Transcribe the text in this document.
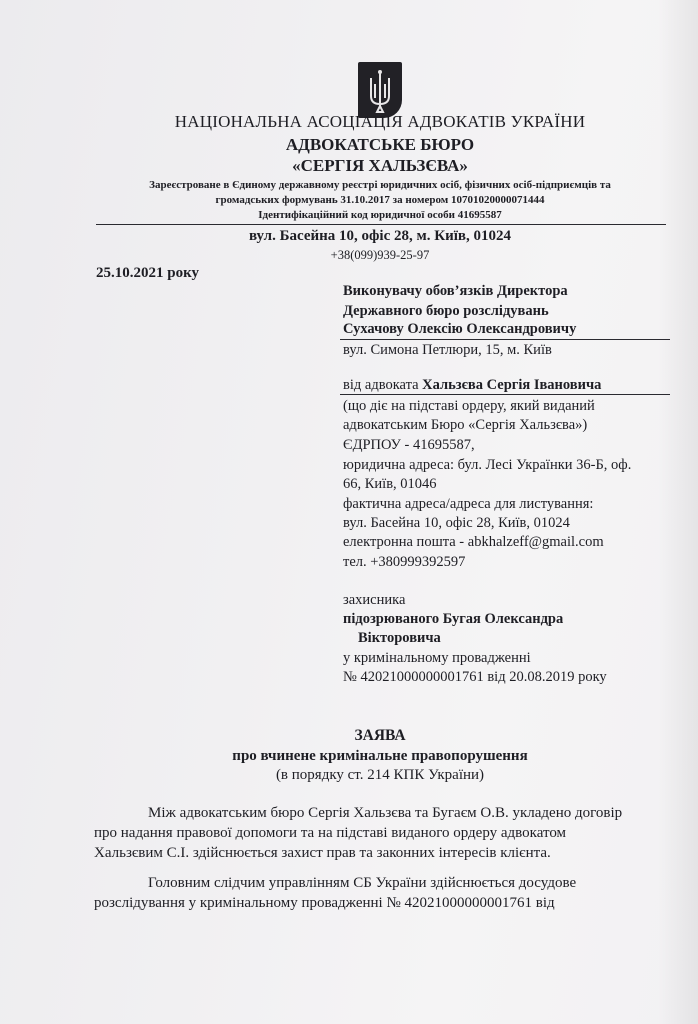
НАЦІОНАЛЬНА АСОЦІАЦІЯ АДВОКАТІВ УКРАЇНИ
АДВОКАТСЬКЕ БЮРО
«СЕРГІЯ ХАЛЬЗЄВА»
Зареєстроване в Єдиному державному реєстрі юридичних осіб, фізичних осіб-підприємців та
громадських формувань 31.10.2017 за номером 10701020000071444
Ідентифікаційний код юридичної особи 41695587
вул. Басейна 10, офіс 28, м. Київ, 01024
+38(099)939-25-97
25.10.2021 року
Виконувачу обов’язків Директора
Державного бюро розслідувань
Сухачову Олексію Олександровичу
вул. Симона Петлюри, 15, м. Київ
від адвоката Хальзєва Сергія Івановича
(що діє на підставі ордеру, який виданий
адвокатським Бюро «Сергія Хальзєва»)
ЄДРПОУ - 41695587,
юридична адреса: бул. Лесі Українки 36-Б, оф.
66, Київ, 01046
фактична адреса/адреса для листування:
вул. Басейна 10, офіс 28, Київ, 01024
електронна пошта - abkhalzeff@gmail.com
тел. +380999392597
захисника
підозрюваного Бугая Олександра
Вікторовича
у кримінальному провадженні
№ 42021000000001761 від 20.08.2019 року
ЗАЯВА
про вчинене кримінальне правопорушення
(в порядку ст. 214 КПК України)
Між адвокатським бюро Сергія Хальзєва та Бугаєм О.В. укладено договір
про надання правової допомоги та на підставі виданого ордеру адвокатом
Хальзєвим С.І. здійснюється захист прав та законних інтересів клієнта.
Головним слідчим управлінням СБ України здійснюється досудове
розслідування у кримінальному провадженні № 42021000000001761 від
